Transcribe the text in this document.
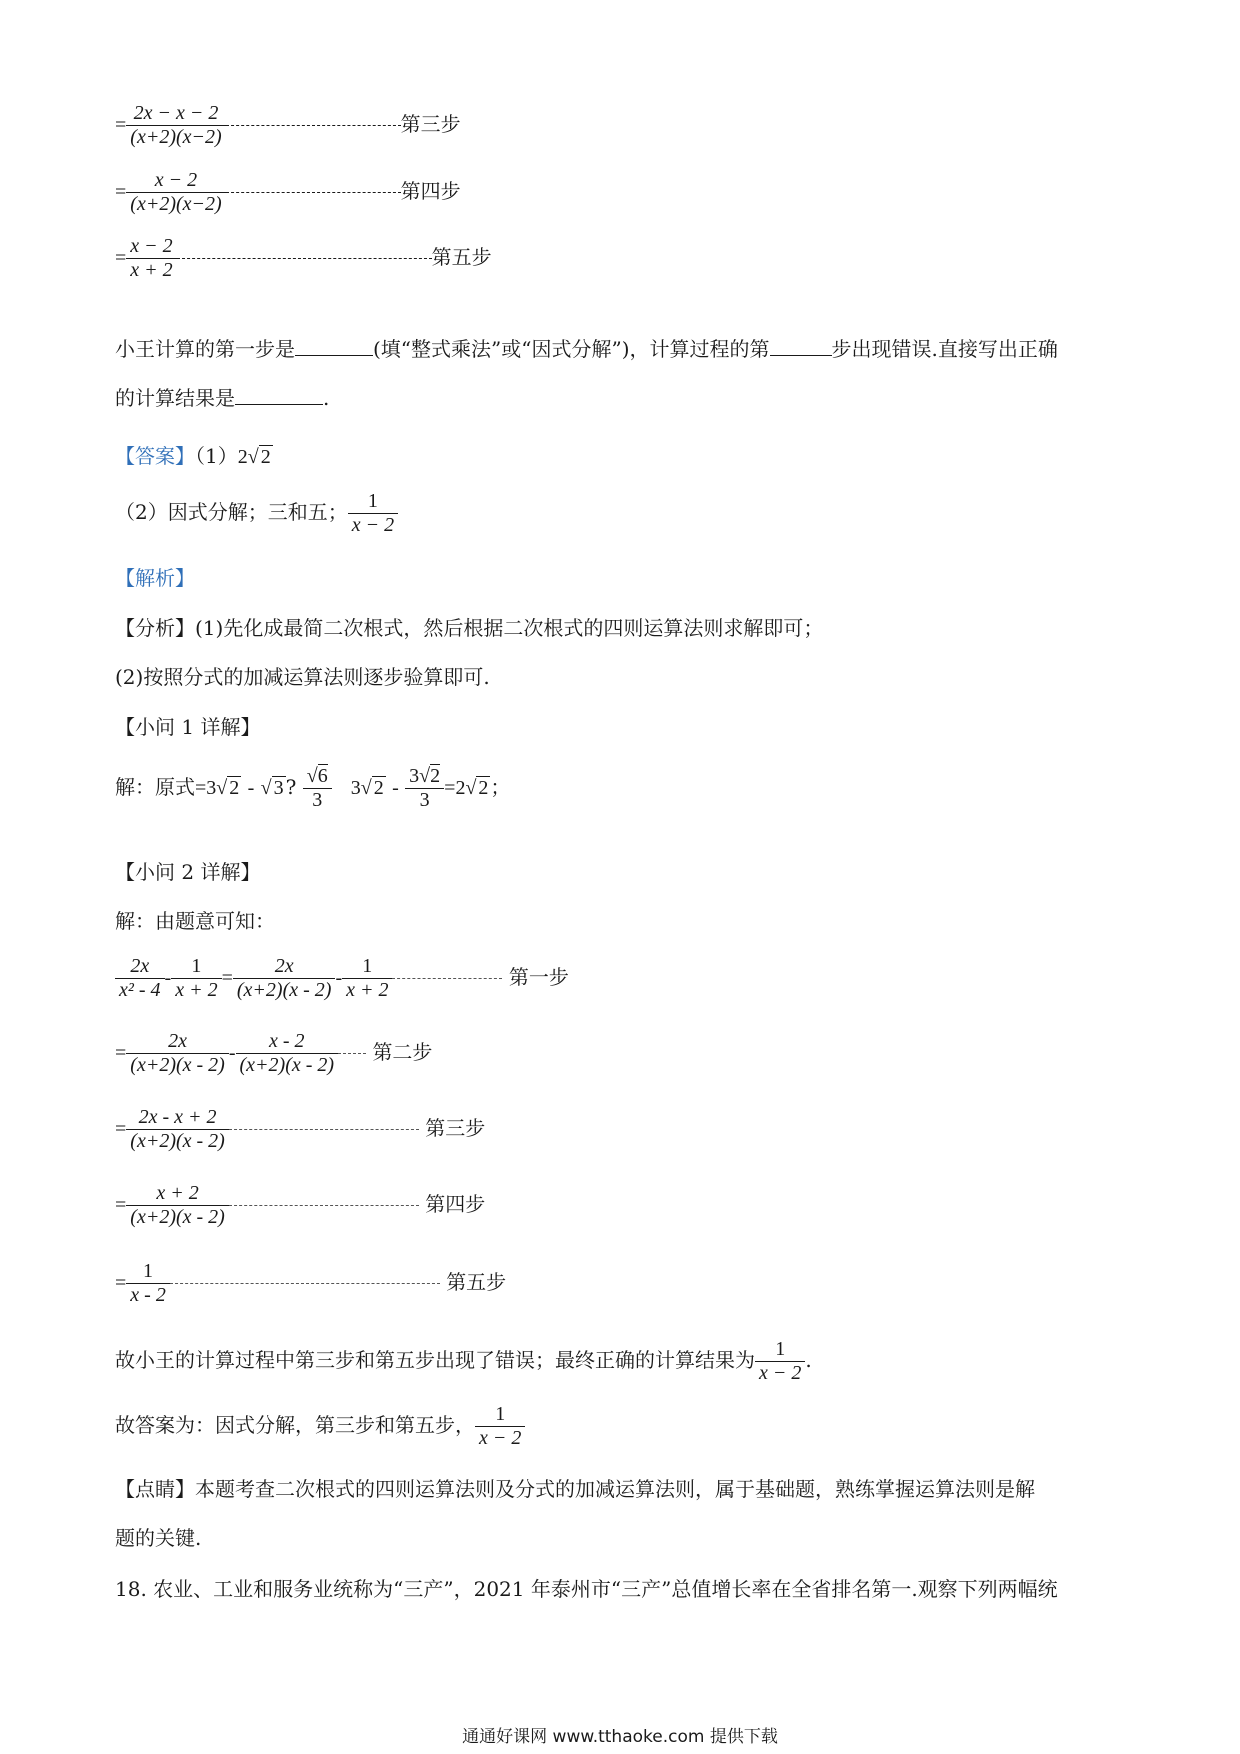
= $\frac{2x - x - 2}{(x+2)(x-2)}$	第三步
= $\frac{x - 2}{(x+2)(x-2)}$	第四步
= $\frac{x - 2}{x + 2}$	第五步
小王计算的第一步是	(填“整式乘法”或“因式分解”)，计算过程的第	步出现错误.直接写出正确
的计算结果是	.
【答案】（1）2√ 2
（2）因式分解；三和五； $\frac{1}{x - 2}$
【解析】
【分析】(1)先化成最简二次根式，然后根据二次根式的四则运算法则求解即可；
(2)按照分式的加减运算法则逐步验算即可.
【小问 1 详解】
解：原式=3√ 2 - √ 3 ? $\frac{√6}{3} 3√$ $2 - \frac{3√2}{3} =2√$ 2 ；
【小问 2 详解】
解：由题意可知：
$\frac{2x}{\text{x² - 4}} - \frac{1}{x + 2} = \frac{2x}{(x+2)(x - 2)} - \frac{1}{x + 2}$	第一步
= $\frac{2x}{(x+2)(x - 2)} - \frac{x - 2}{(x+2)(x - 2)}$ 第二步
= $\frac{2x - x + 2}{(x+2)(x - 2)}$	第三步
= $\frac{x + 2}{(x+2)(x - 2)}$	第四步
= $\frac{1}{x - 2}$	第五步
故小王的计算过程中第三步和第五步出现了错误；最终正确的计算结果为 $\frac{1}{x - 2}$ .
故答案为：因式分解，第三步和第五步， $\frac{1}{x - 2}$
【点睛】本题考查二次根式的四则运算法则及分式的加减运算法则，属于基础题，熟练掌握运算法则是解
题的关键.
18. 农业、工业和服务业统称为“三产”，2021 年泰州市“三产”总值增长率在全省排名第一.观察下列两幅统
通通好课网 www.tthaoke.com 提供下载
